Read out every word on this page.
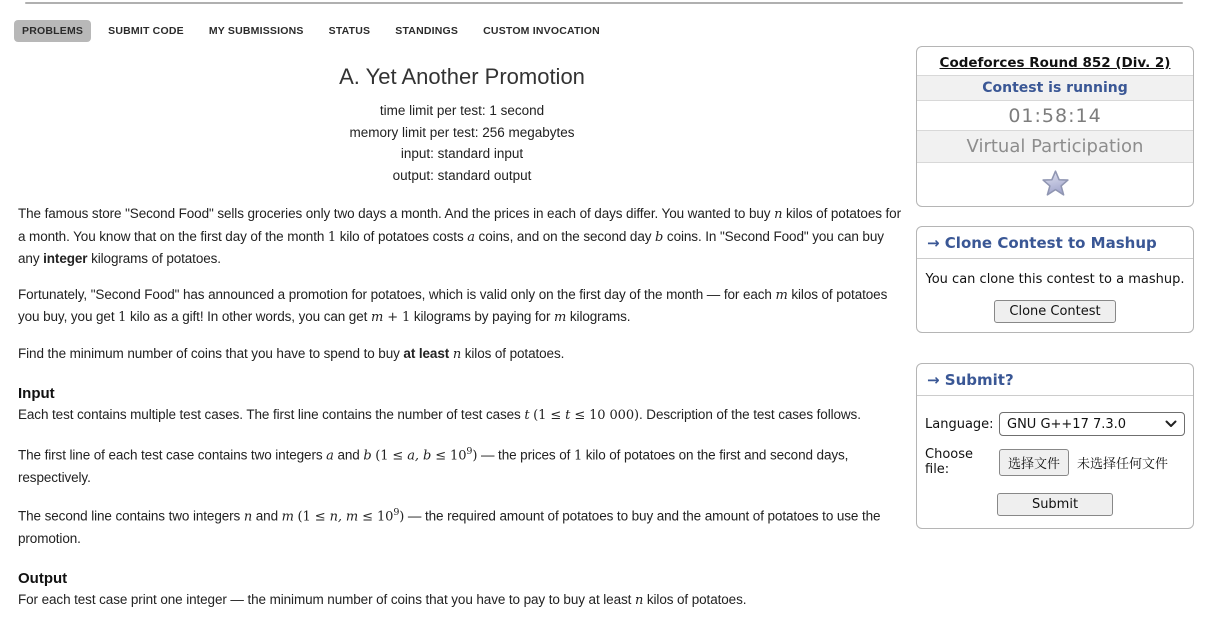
PROBLEMS	SUBMIT CODE	MY SUBMISSIONS	STATUS	STANDINGS	CUSTOM INVOCATION
A. Yet Another Promotion
time limit per test: 1 second
memory limit per test: 256 megabytes
input: standard input
output: standard output
The famous store "Second Food" sells groceries only two days a month. And the prices in each of days differ. You wanted to buy n kilos of potatoes for a month. You know that on the first day of the month 1 kilo of potatoes costs a coins, and on the second day b coins. In "Second Food" you can buy any integer kilograms of potatoes.
Fortunately, "Second Food" has announced a promotion for potatoes, which is valid only on the first day of the month — for each m kilos of potatoes you buy, you get 1 kilo as a gift! In other words, you can get m + 1 kilograms by paying for m kilograms.
Find the minimum number of coins that you have to spend to buy at least n kilos of potatoes.
Input
Each test contains multiple test cases. The first line contains the number of test cases t (1 ≤ t ≤ 10 000). Description of the test cases follows.
The first line of each test case contains two integers a and b (1 ≤ a, $b \le 10^9$) — the prices of 1 kilo of potatoes on the first and second days, respectively.
The second line contains two integers n and m (1 ≤ n, $m \le 10^9$) — the required amount of potatoes to buy and the amount of potatoes to use the promotion.
Output
For each test case print one integer — the minimum number of coins that you have to pay to buy at least n kilos of potatoes.
Codeforces Round 852 (Div. 2)
Contest is running
01:58:14
Virtual Participation
→ Clone Contest to Mashup
You can clone this contest to a mashup.
Clone Contest
→ Submit?
Language:	GNU G++17 7.3.0
Choose file:	选择文件	未选择任何文件
Submit
